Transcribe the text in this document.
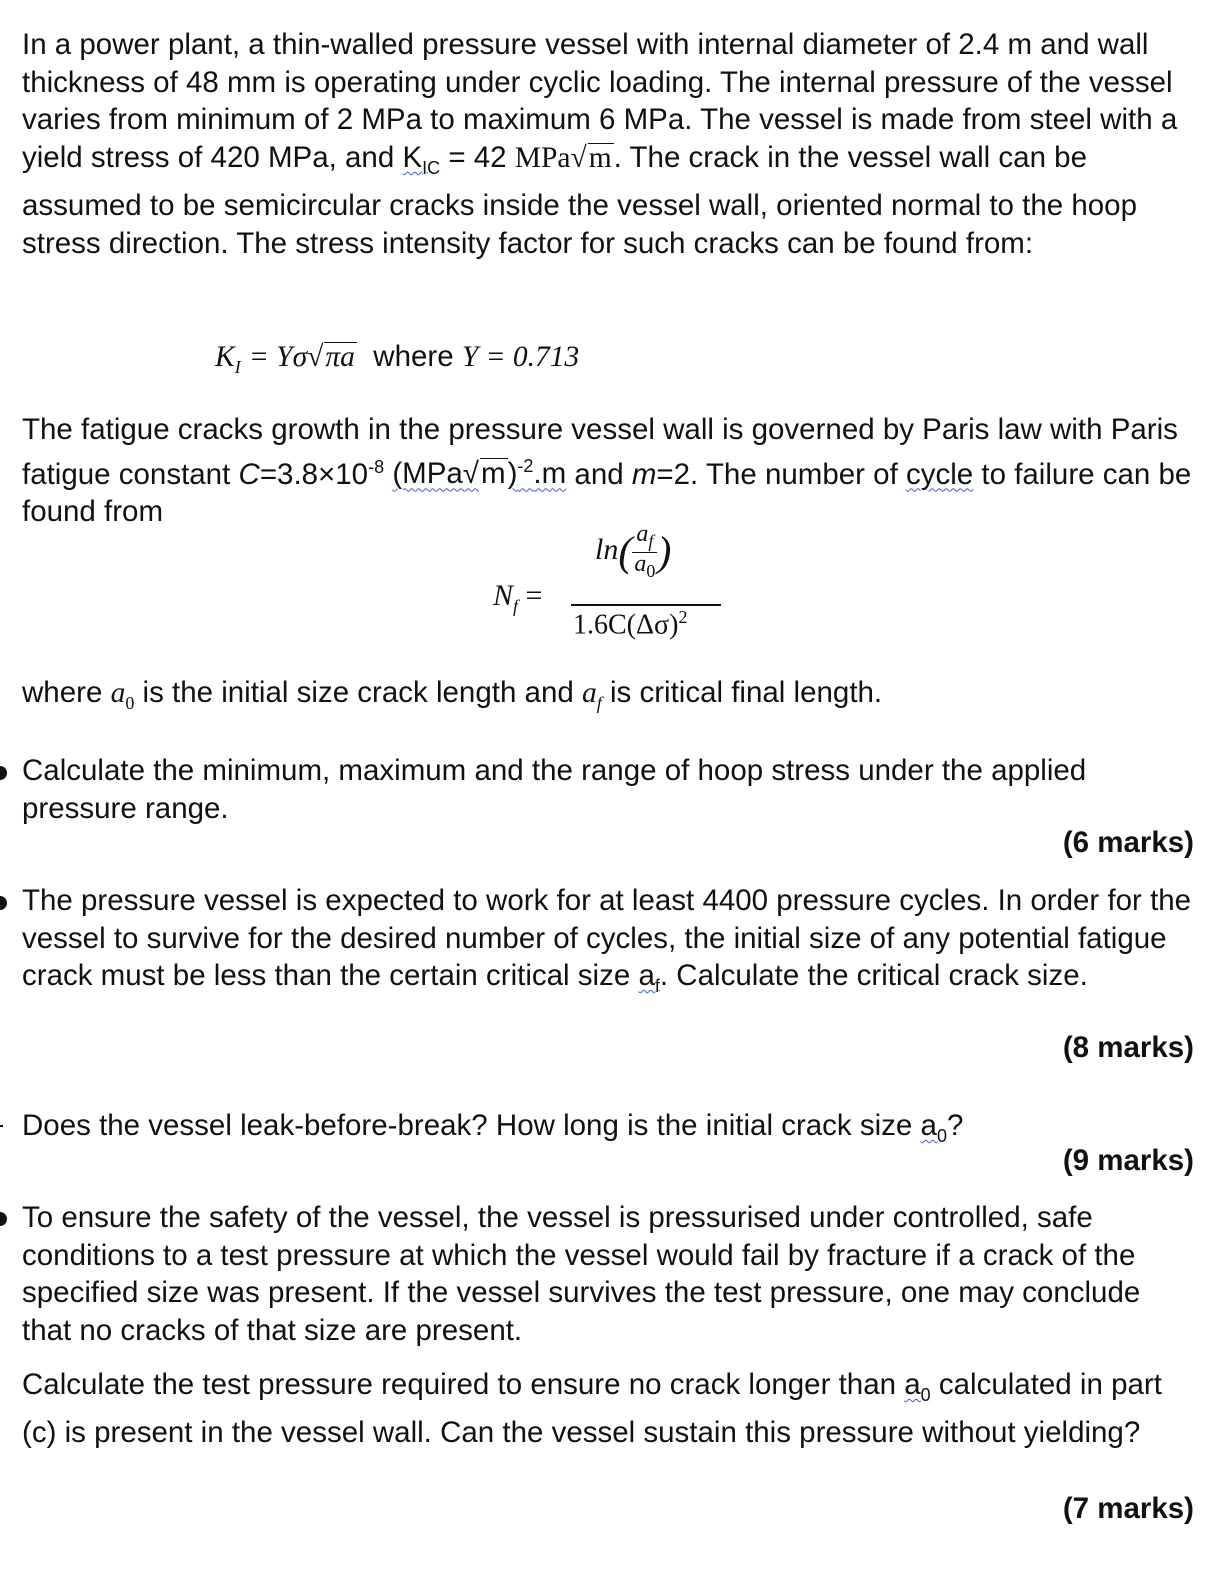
In a power plant, a thin-walled pressure vessel with internal diameter of 2.4 m and wall thickness of 48 mm is operating under cyclic loading. The internal pressure of the vessel varies from minimum of 2 MPa to maximum 6 MPa. The vessel is made from steel with a yield stress of 420 MPa, and $K_{IC} = 42$ MPa√m. The crack in the vessel wall can be assumed to be semicircular cracks inside the vessel wall, oriented normal to the hoop stress direction. The stress intensity factor for such cracks can be found from:

$K_I = Y\sigma√\pi a$ where Y = 0.713

The fatigue cracks growth in the pressure vessel wall is governed by Paris law with Paris fatigue constant $C=3.8\times 10^{-8}$ $(MPa√m)^{-2}.m$ and m=2. The number of cycle to failure can be found from

$N_f$ =
$\ln( \frac{a_f}{a_0}$ )
$1.6C(\Delta\sigma)^2$

where $a_0$ is the initial size crack length and $a_f$ is critical final length.

Calculate the minimum, maximum and the range of hoop stress under the applied pressure range.

(6 marks)

The pressure vessel is expected to work for at least 4400 pressure cycles. In order for the vessel to survive for the desired number of cycles, the initial size of any potential fatigue crack must be less than the certain critical size $a_f$. Calculate the critical crack size.

(8 marks)

Does the vessel leak-before-break? How long is the initial crack size $a_0$?

(9 marks)

To ensure the safety of the vessel, the vessel is pressurised under controlled, safe conditions to a test pressure at which the vessel would fail by fracture if a crack of the specified size was present. If the vessel survives the test pressure, one may conclude that no cracks of that size are present.

Calculate the test pressure required to ensure no crack longer than $a_0$ calculated in part (c) is present in the vessel wall. Can the vessel sustain this pressure without yielding?

(7 marks)
